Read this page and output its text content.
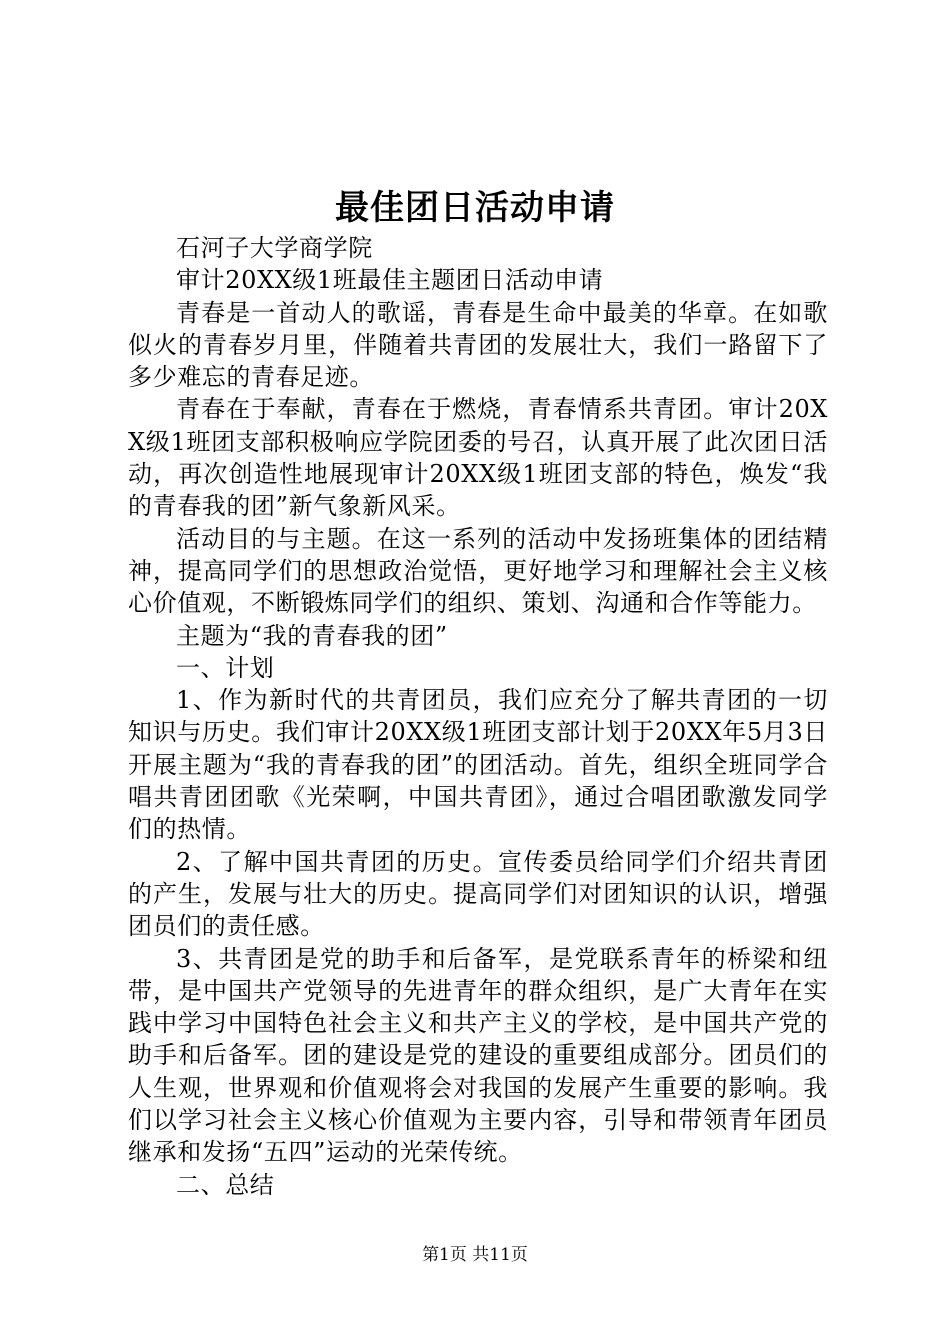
最佳团日活动申请

石河子大学商学院

审计20XX级1班最佳主题团日活动申请

青春是一首动人的歌谣，青春是生命中最美的华章。在如歌似火的青春岁月里，伴随着共青团的发展壮大，我们一路留下了多少难忘的青春足迹。

青春在于奉献，青春在于燃烧，青春情系共青团。审计20XX级1班团支部积极响应学院团委的号召，认真开展了此次团日活动，再次创造性地展现审计20XX级1班团支部的特色，焕发“我的青春我的团”新气象新风采。

活动目的与主题。在这一系列的活动中发扬班集体的团结精神，提高同学们的思想政治觉悟，更好地学习和理解社会主义核心价值观，不断锻炼同学们的组织、策划、沟通和合作等能力。

主题为“我的青春我的团”

一、计划

1、作为新时代的共青团员，我们应充分了解共青团的一切知识与历史。我们审计20XX级1班团支部计划于20XX年5月3日开展主题为“我的青春我的团”的团活动。首先，组织全班同学合唱共青团团歌《光荣啊，中国共青团》，通过合唱团歌激发同学们的热情。

2、了解中国共青团的历史。宣传委员给同学们介绍共青团的产生，发展与壮大的历史。提高同学们对团知识的认识，增强团员们的责任感。

3、共青团是党的助手和后备军，是党联系青年的桥梁和纽带，是中国共产党领导的先进青年的群众组织，是广大青年在实践中学习中国特色社会主义和共产主义的学校，是中国共产党的助手和后备军。团的建设是党的建设的重要组成部分。团员们的人生观，世界观和价值观将会对我国的发展产生重要的影响。我们以学习社会主义核心价值观为主要内容，引导和带领青年团员继承和发扬“五四”运动的光荣传统。

二、总结

第1页 共11页
